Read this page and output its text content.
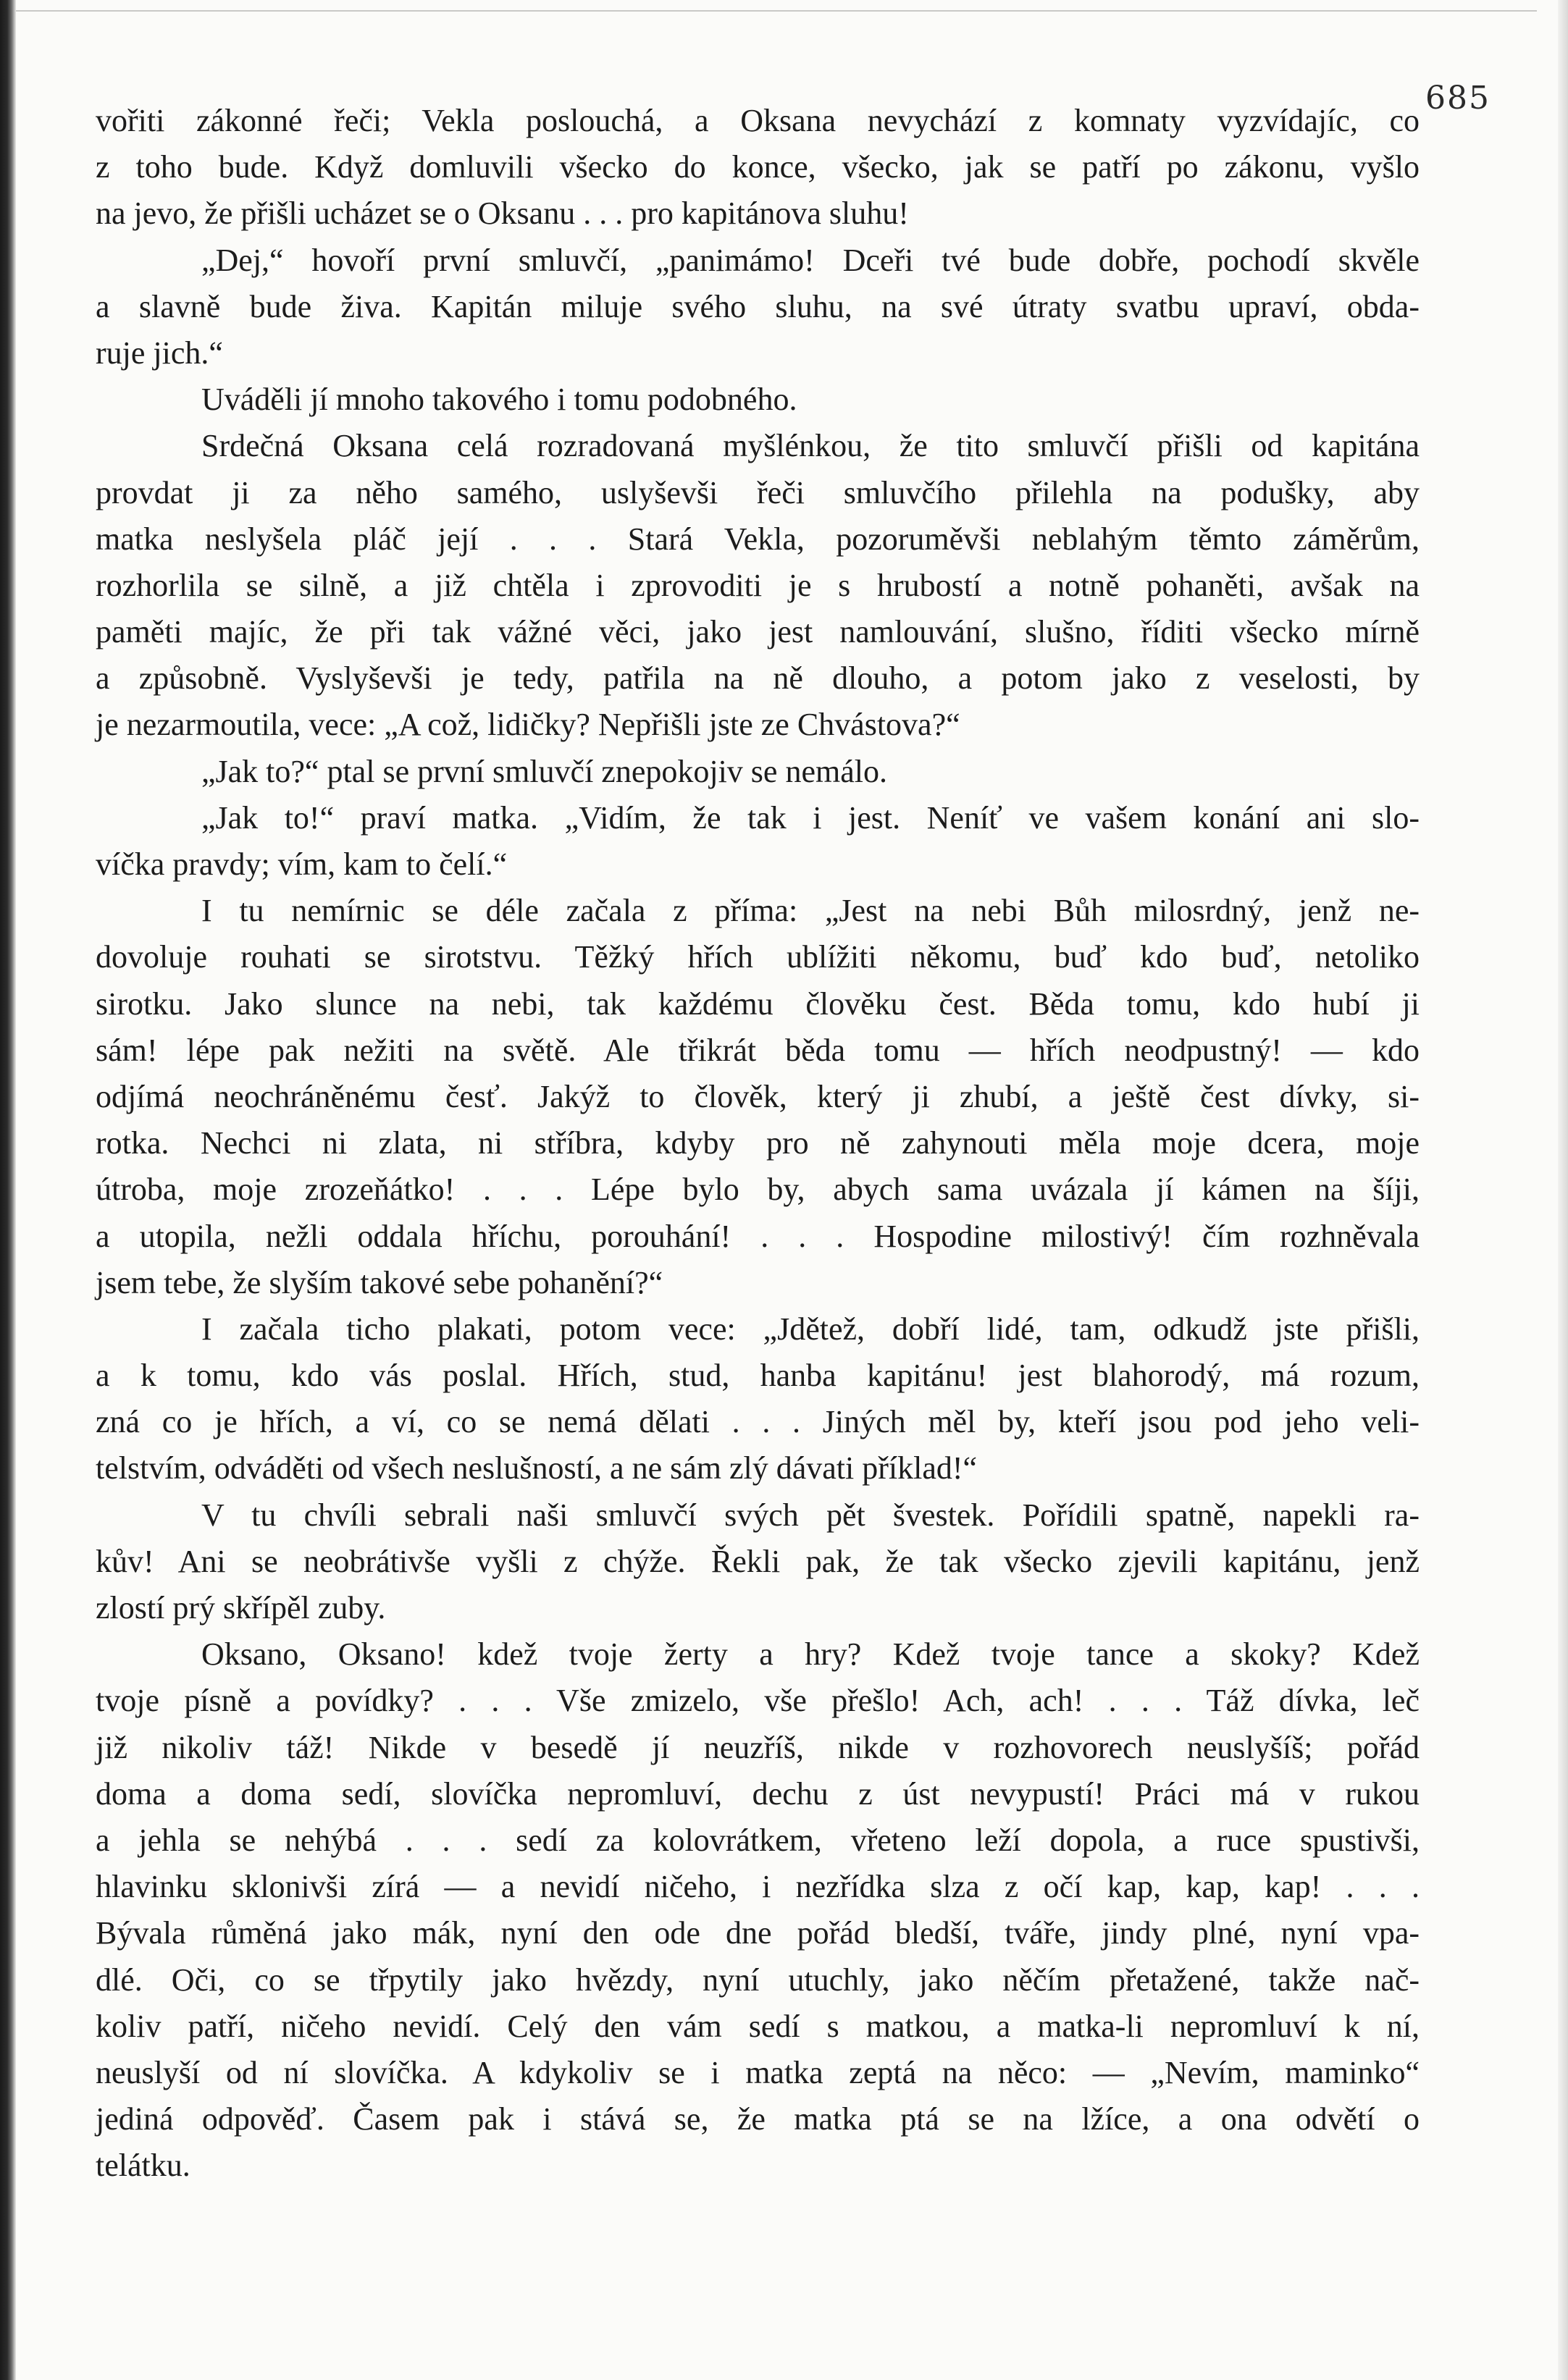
685
vořiti zákonné řeči; Vekla poslouchá, a Oksana nevychází z komnaty vyzvídajíc, co
z toho bude. Když domluvili všecko do konce, všecko, jak se patří po zákonu, vyšlo
na jevo, že přišli ucházet se o Oksanu . . . pro kapitánova sluhu!
„Dej,“ hovoří první smluvčí, „panimámo! Dceři tvé bude dobře, pochodí skvěle
a slavně bude živa. Kapitán miluje svého sluhu, na své útraty svatbu upraví, obda-
ruje jich.“
Uváděli jí mnoho takového i tomu podobného.
Srdečná Oksana celá rozradovaná myšlénkou, že tito smluvčí přišli od kapitána
provdat ji za něho samého, uslyševši řeči smluvčího přilehla na podušky, aby
matka neslyšela pláč její . . . Stará Vekla, pozoruměvši neblahým těmto záměrům,
rozhorlila se silně, a již chtěla i zprovoditi je s hrubostí a notně pohaněti, avšak na
paměti majíc, že při tak vážné věci, jako jest namlouvání, slušno, říditi všecko mírně
a způsobně. Vyslyševši je tedy, patřila na ně dlouho, a potom jako z veselosti, by
je nezarmoutila, vece: „A což, lidičky? Nepřišli jste ze Chvástova?“
„Jak to?“ ptal se první smluvčí znepokojiv se nemálo.
„Jak to!“ praví matka. „Vidím, že tak i jest. Neníť ve vašem konání ani slo-
víčka pravdy; vím, kam to čelí.“
I tu nemírnic se déle začala z příma: „Jest na nebi Bůh milosrdný, jenž ne-
dovoluje rouhati se sirotstvu. Těžký hřích ublížiti někomu, buď kdo buď, netoliko
sirotku. Jako slunce na nebi, tak každému člověku čest. Běda tomu, kdo hubí ji
sám! lépe pak nežiti na světě. Ale třikrát běda tomu — hřích neodpustný! — kdo
odjímá neochráněnému česť. Jakýž to člověk, který ji zhubí, a ještě čest dívky, si-
rotka. Nechci ni zlata, ni stříbra, kdyby pro ně zahynouti měla moje dcera, moje
útroba, moje zrozeňátko! . . . Lépe bylo by, abych sama uvázala jí kámen na šíji,
a utopila, nežli oddala hříchu, porouhání! . . . Hospodine milostivý! čím rozhněvala
jsem tebe, že slyším takové sebe pohanění?“
I začala ticho plakati, potom vece: „Jdětež, dobří lidé, tam, odkudž jste přišli,
a k tomu, kdo vás poslal. Hřích, stud, hanba kapitánu! jest blahorodý, má rozum,
zná co je hřích, a ví, co se nemá dělati . . . Jiných měl by, kteří jsou pod jeho veli-
telstvím, odváděti od všech neslušností, a ne sám zlý dávati příklad!“
V tu chvíli sebrali naši smluvčí svých pět švestek. Pořídili spatně, napekli ra-
kův! Ani se neobrátivše vyšli z chýže. Řekli pak, že tak všecko zjevili kapitánu, jenž
zlostí prý skřípěl zuby.
Oksano, Oksano! kdež tvoje žerty a hry? Kdež tvoje tance a skoky? Kdež
tvoje písně a povídky? . . . Vše zmizelo, vše přešlo! Ach, ach! . . . Táž dívka, leč
již nikoliv táž! Nikde v besedě jí neuzříš, nikde v rozhovorech neuslyšíš; pořád
doma a doma sedí, slovíčka nepromluví, dechu z úst nevypustí! Práci má v rukou
a jehla se nehýbá . . . sedí za kolovrátkem, vřeteno leží dopola, a ruce spustivši,
hlavinku sklonivši zírá — a nevidí ničeho, i nezřídka slza z očí kap, kap, kap! . . .
Bývala růměná jako mák, nyní den ode dne pořád bledší, tváře, jindy plné, nyní vpa-
dlé. Oči, co se třpytily jako hvězdy, nyní utuchly, jako něčím přetažené, takže nač-
koliv patří, ničeho nevidí. Celý den vám sedí s matkou, a matka-li nepromluví k ní,
neuslyší od ní slovíčka. A kdykoliv se i matka zeptá na něco: — „Nevím, maminko“
jediná odpověď. Časem pak i stává se, že matka ptá se na lžíce, a ona odvětí o
telátku.
